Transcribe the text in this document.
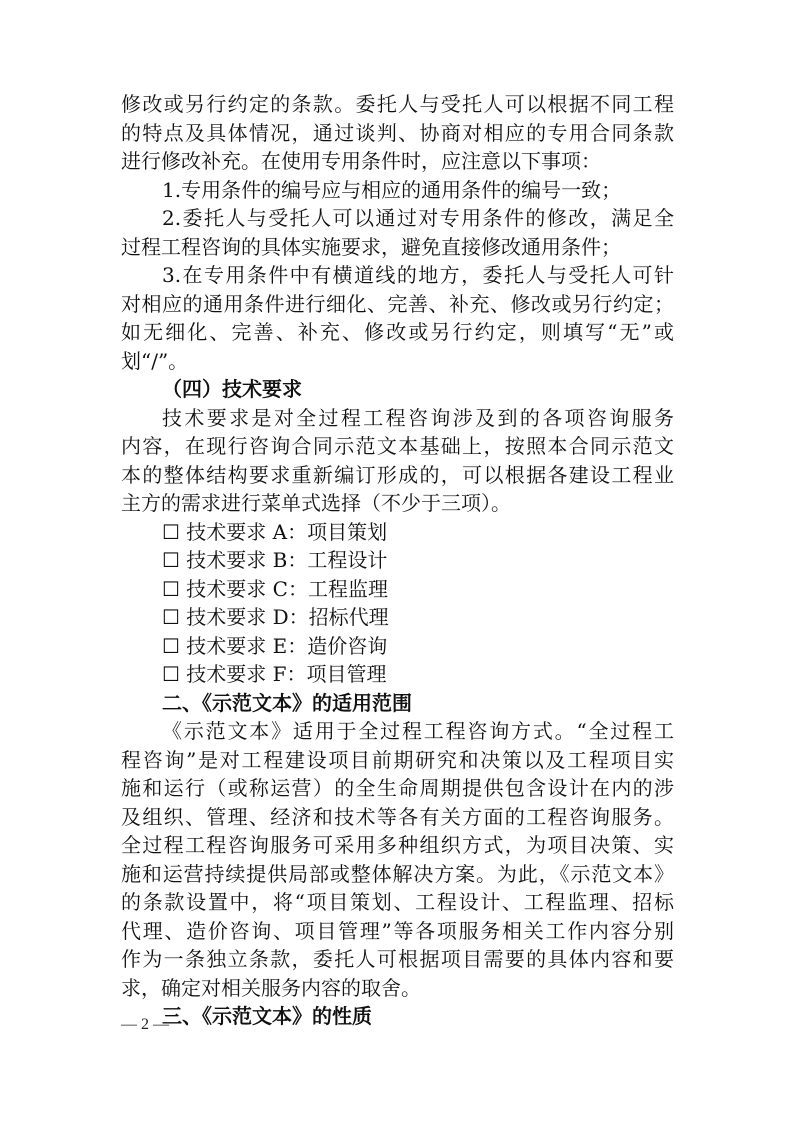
修改或另行约定的条款。委托人与受托人可以根据不同工程
的特点及具体情况，通过谈判、协商对相应的专用合同条款
进行修改补充。在使用专用条件时，应注意以下事项：
1.专用条件的编号应与相应的通用条件的编号一致；
2.委托人与受托人可以通过对专用条件的修改，满足全
过程工程咨询的具体实施要求，避免直接修改通用条件；
3.在专用条件中有横道线的地方，委托人与受托人可针
对相应的通用条件进行细化、完善、补充、修改或另行约定；
如无细化、完善、补充、修改或另行约定，则填写“无”或
划“/”。
（四）技术要求
技术要求是对全过程工程咨询涉及到的各项咨询服务
内容，在现行咨询合同示范文本基础上，按照本合同示范文
本的整体结构要求重新编订形成的，可以根据各建设工程业
主方的需求进行菜单式选择（不少于三项）。
☐ 技术要求 A：项目策划
☐ 技术要求 B：工程设计
☐ 技术要求 C：工程监理
☐ 技术要求 D：招标代理
☐ 技术要求 E：造价咨询
☐ 技术要求 F：项目管理
二、《示范文本》的适用范围
《示范文本》适用于全过程工程咨询方式。“全过程工
程咨询”是对工程建设项目前期研究和决策以及工程项目实
施和运行（或称运营）的全生命周期提供包含设计在内的涉
及组织、管理、经济和技术等各有关方面的工程咨询服务。
全过程工程咨询服务可采用多种组织方式，为项目决策、实
施和运营持续提供局部或整体解决方案。为此，《示范文本》
的条款设置中，将“项目策划、工程设计、工程监理、招标
代理、造价咨询、项目管理”等各项服务相关工作内容分别
作为一条独立条款，委托人可根据项目需要的具体内容和要
求，确定对相关服务内容的取舍。
三、《示范文本》的性质
— 2 —
